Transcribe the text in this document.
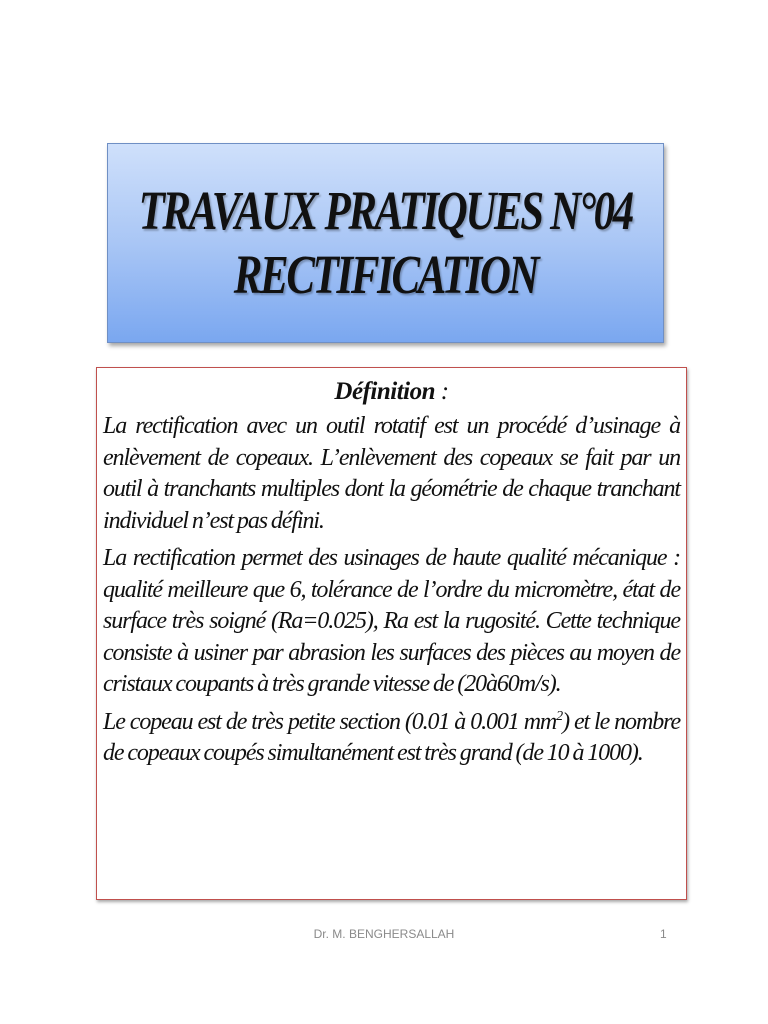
TRAVAUX PRATIQUES N°04
RECTIFICATION
Définition :

La rectification avec un outil rotatif est un procédé d’usinage à enlèvement de copeaux. L’enlèvement des copeaux se fait par un outil à tranchants multiples dont la géométrie de chaque tranchant individuel n’est pas défini.

La rectification permet des usinages de haute qualité mécanique : qualité meilleure que 6, tolérance de l’ordre du micromètre, état de surface très soigné (Ra=0.025), Ra est la rugosité. Cette technique consiste à usiner par abrasion les surfaces des pièces au moyen de cristaux coupants à très grande vitesse de (20à60m/s).

Le copeau est de très petite section (0.01 à 0.001 $mm^2$) et le nombre de copeaux coupés simultanément est très grand (de 10 à 1000).

Dr. M. BENGHERSALLAH	1
